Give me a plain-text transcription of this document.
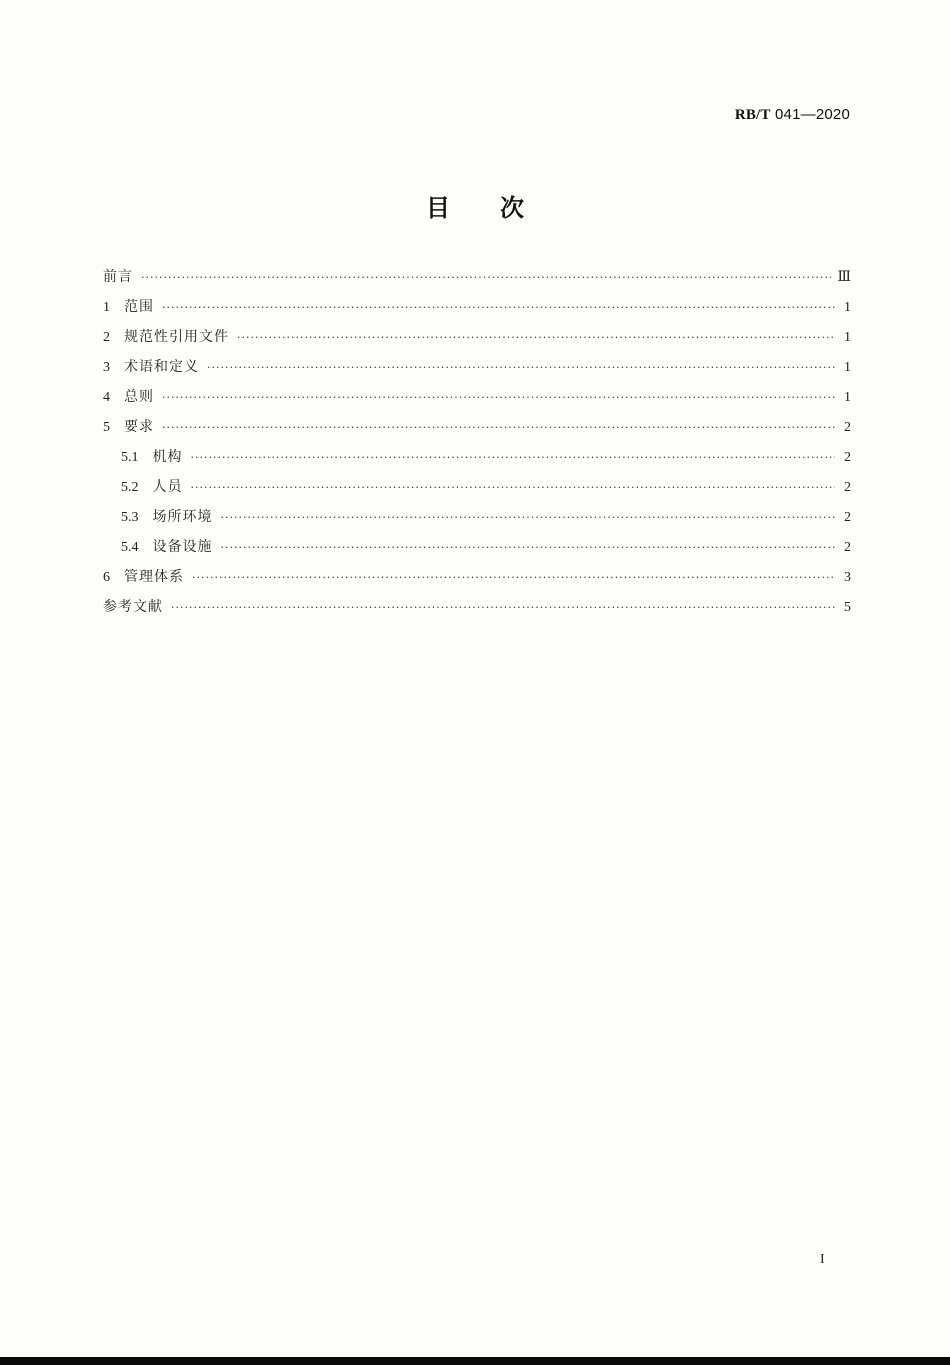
RB/T 041—2020
目次
前言 ·····	Ⅲ
1 范围 ·····	1
2 规范性引用文件 ·····	1
3 术语和定义 ·····	1
4 总则 ·····	1
5 要求 ·····	2
5.1 机构 ·····	2
5.2 人员 ·····	2
5.3 场所环境 ·····	2
5.4 设备设施 ·····	2
6 管理体系 ·····	3
参考文献 ·····	5
I
